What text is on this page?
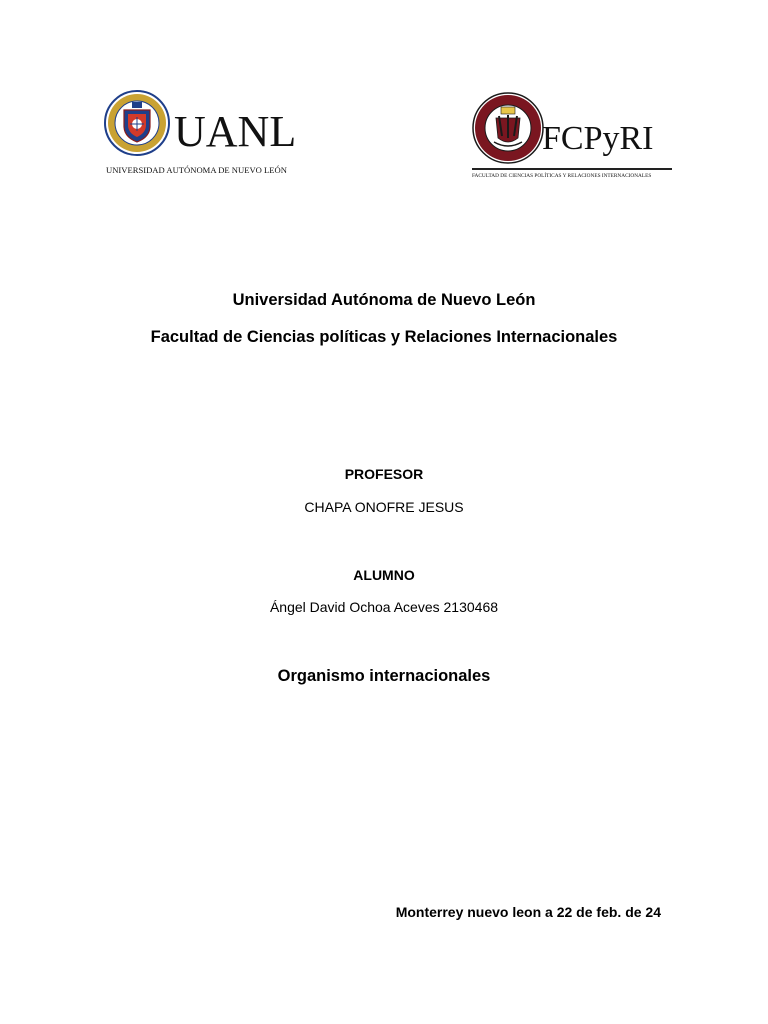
UANL
UNIVERSIDAD AUTÓNOMA DE NUEVO LEÓN
FCPyRI
FACULTAD DE CIENCIAS POLÍTICAS Y RELACIONES INTERNACIONALES
Universidad Autónoma de Nuevo León
Facultad de Ciencias políticas y Relaciones Internacionales
PROFESOR
CHAPA ONOFRE JESUS
ALUMNO
Ángel David Ochoa Aceves 2130468
Organismo internacionales
Monterrey nuevo leon a 22 de feb. de 24
